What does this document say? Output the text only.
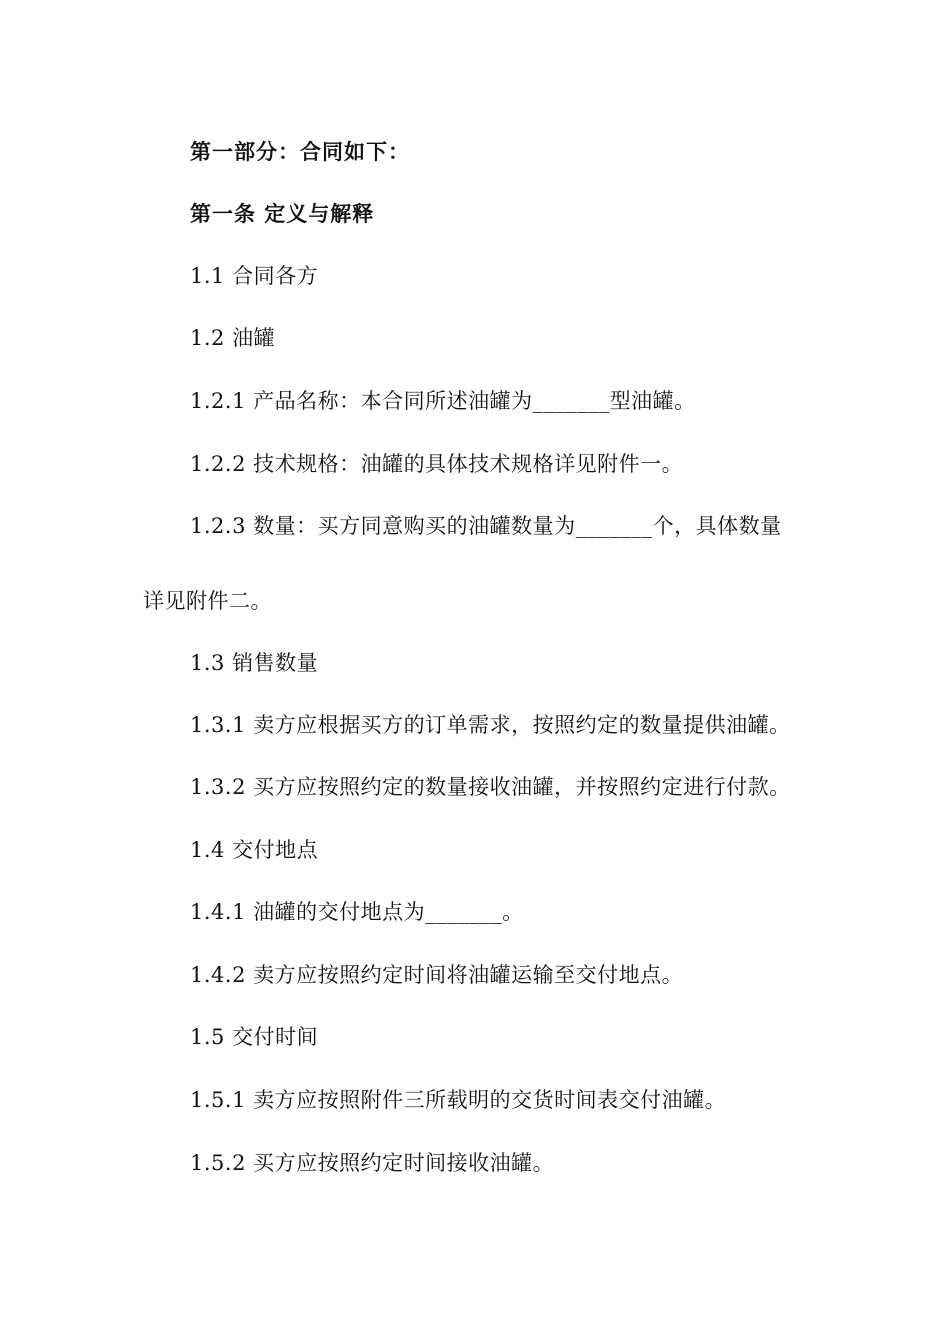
第一部分：合同如下：
第一条 定义与解释
1.1 合同各方
1.2 油罐
1.2.1 产品名称：本合同所述油罐为_______型油罐。
1.2.2 技术规格：油罐的具体技术规格详见附件一。
1.2.3 数量：买方同意购买的油罐数量为_______个，具体数量
详见附件二。
1.3 销售数量
1.3.1 卖方应根据买方的订单需求，按照约定的数量提供油罐。
1.3.2 买方应按照约定的数量接收油罐，并按照约定进行付款。
1.4 交付地点
1.4.1 油罐的交付地点为_______。
1.4.2 卖方应按照约定时间将油罐运输至交付地点。
1.5 交付时间
1.5.1 卖方应按照附件三所载明的交货时间表交付油罐。
1.5.2 买方应按照约定时间接收油罐。
